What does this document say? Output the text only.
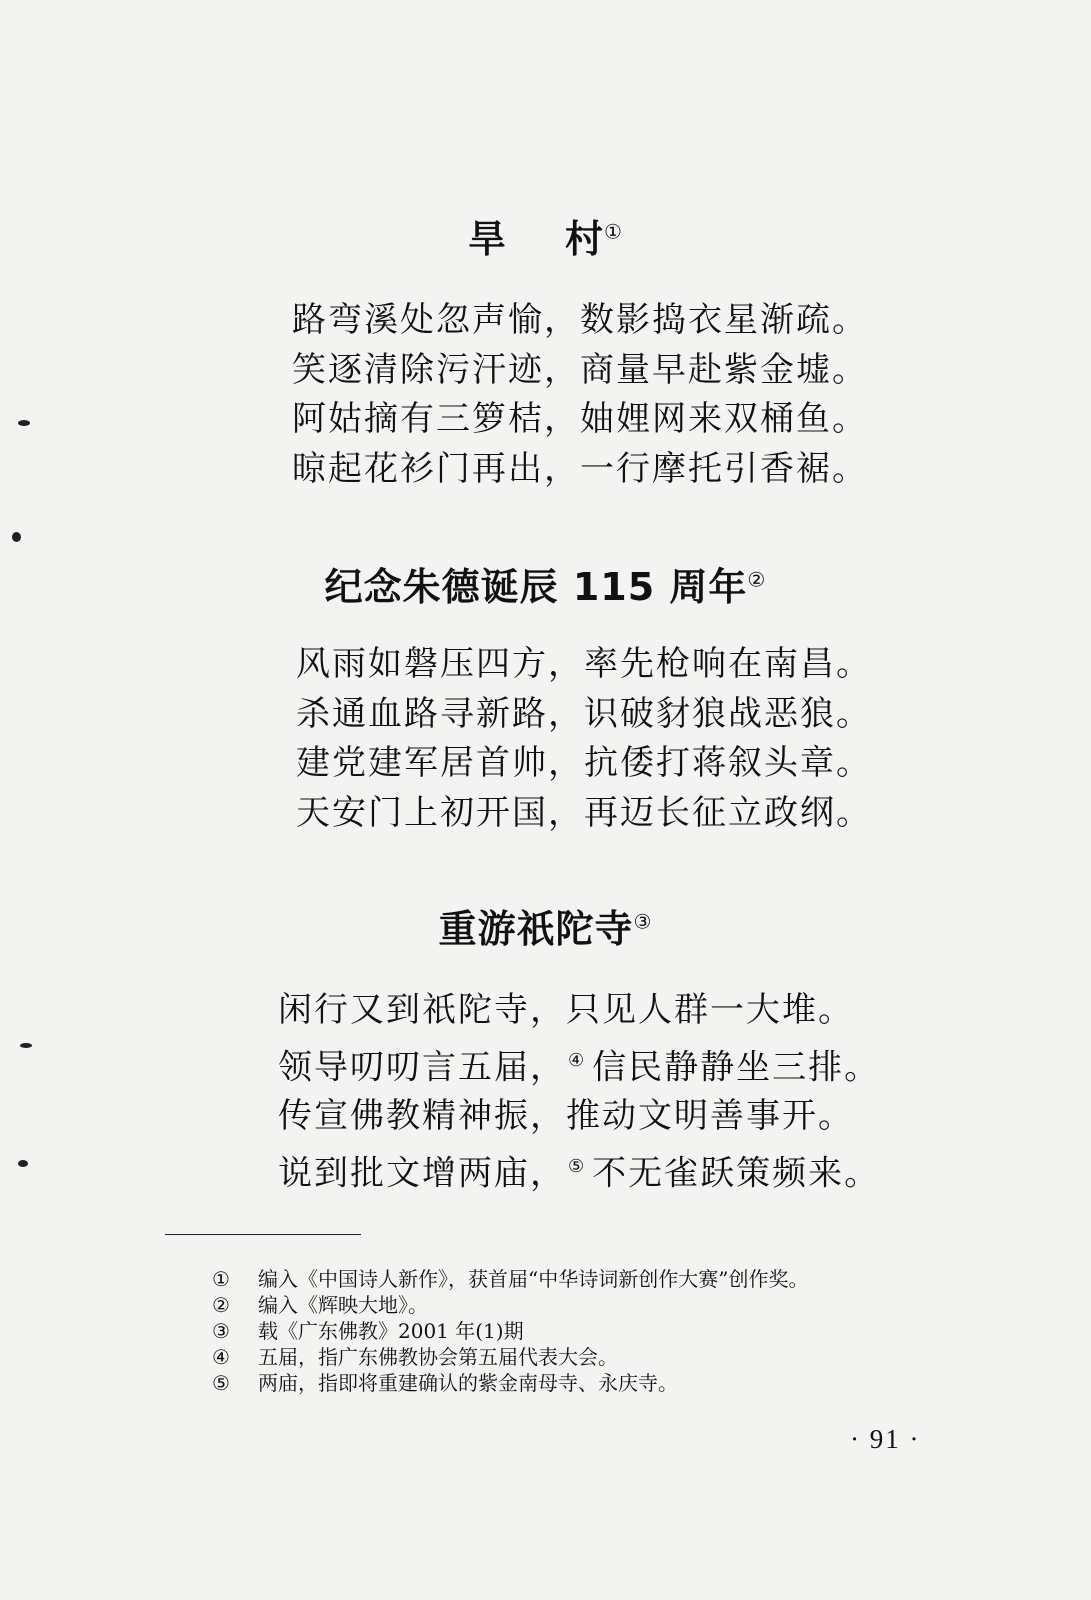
旱 村①
路弯溪处忽声愉，数影捣衣星渐疏。
笑逐清除污汗迹，商量早赴紫金墟。
阿姑摘有三箩桔，妯娌网来双桶鱼。
晾起花衫门再出，一行摩托引香裾。
纪念朱德诞辰 115 周年②
风雨如磐压四方，率先枪响在南昌。
杀通血路寻新路，识破豺狼战恶狼。
建党建军居首帅，抗倭打蒋叙头章。
天安门上初开国，再迈长征立政纲。
重游祇陀寺③
闲行又到祇陀寺，只见人群一大堆。
领导叨叨言五届， ④ 信民静静坐三排。
传宣佛教精神振，推动文明善事开。
说到批文增两庙， ⑤ 不无雀跃策频来。
①	编入《中国诗人新作》，获首届“中华诗词新创作大赛”创作奖。
②	编入《辉映大地》。
③	载《广东佛教》2001 年(1)期
④	五届，指广东佛教协会第五届代表大会。
⑤	两庙，指即将重建确认的紫金南母寺、永庆寺。
· 91 ·
